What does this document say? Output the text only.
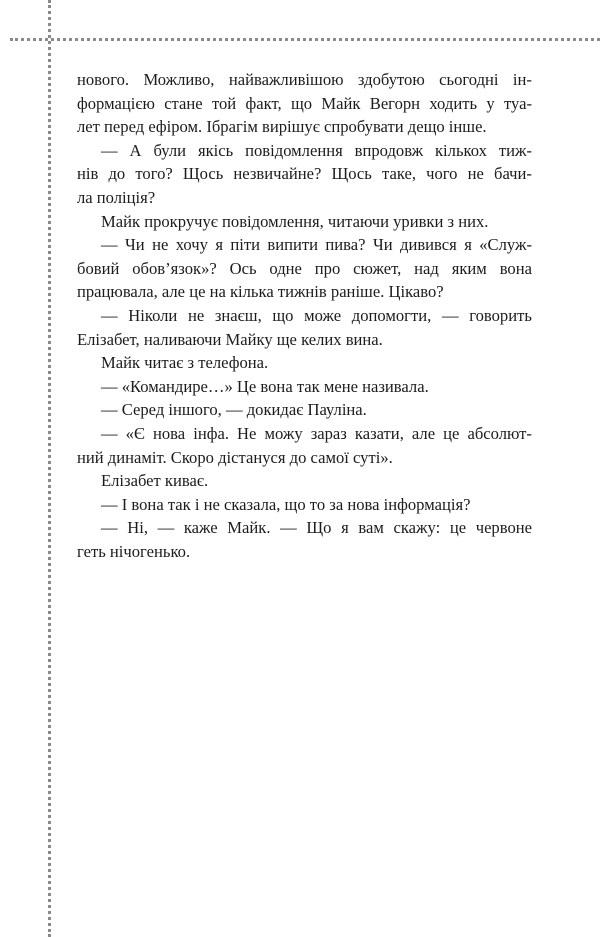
нового. Можливо, найважливішою здобутою сьогодні ін-
формацією стане той факт, що Майк Вегорн ходить у туа-
лет перед ефіром. Ібрагім вирішує спробувати дещо інше.
— А були якісь повідомлення впродовж кількох тиж-
нів до того? Щось незвичайне? Щось таке, чого не бачи-
ла поліція?
Майк прокручує повідомлення, читаючи уривки з них.
— Чи не хочу я піти випити пива? Чи дивився я «Служ-
бовий обов’язок»? Ось одне про сюжет, над яким вона
працювала, але це на кілька тижнів раніше. Цікаво?
— Ніколи не знаєш, що може допомогти, — говорить
Елізабет, наливаючи Майку ще келих вина.
Майк читає з телефона.
— «Командире…» Це вона так мене називала.
— Серед іншого, — докидає Пауліна.
— «Є нова інфа. Не можу зараз казати, але це абсолют-
ний динаміт. Скоро дістануся до самої суті».
Елізабет киває.
— І вона так і не сказала, що то за нова інформація?
— Ні, — каже Майк. — Що я вам скажу: це червоне
геть нічогенько.
